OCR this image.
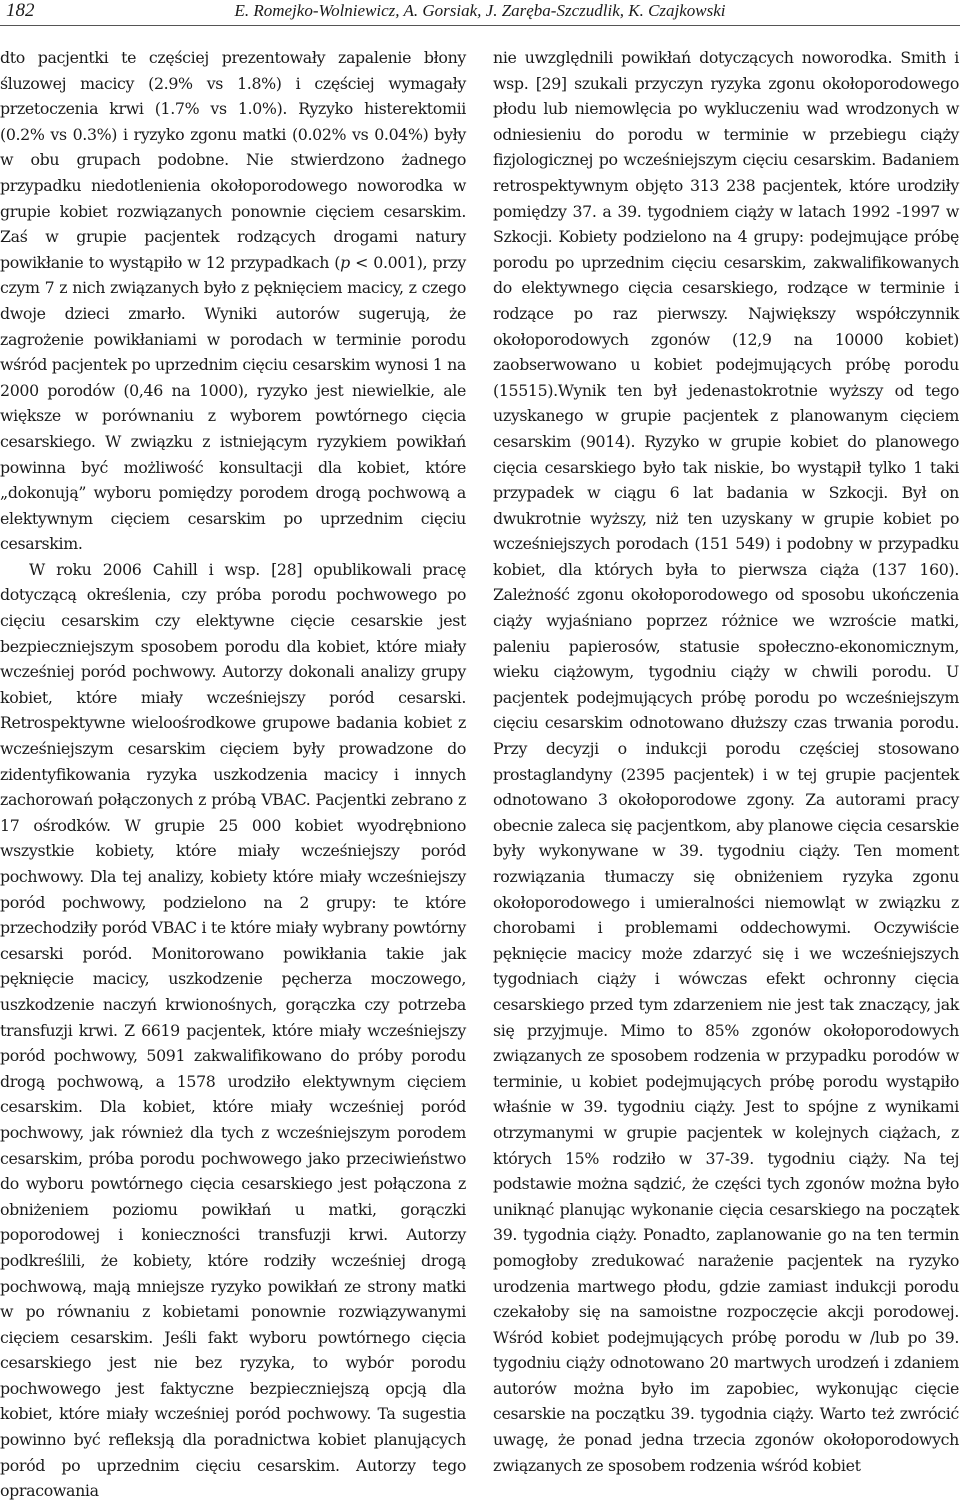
182	E. Romejko-Wolniewicz, A. Gorsiak, J. Zaręba-Szczudlik, K. Czajkowski

dto pacjentki te częściej prezentowały zapalenie błony śluzowej macicy (2.9% vs 1.8%) i częściej wymagały przetoczenia krwi (1.7% vs 1.0%). Ryzyko histerektomii (0.2% vs 0.3%) i ryzyko zgonu matki (0.02% vs 0.04%) były w obu grupach podobne. Nie stwierdzono żadnego przypadku niedotlenienia okołoporodowego noworodka w grupie kobiet rozwiązanych ponownie cięciem cesarskim. Zaś w grupie pacjentek rodzących drogami natury powikłanie to wystąpiło w 12 przypadkach (p < 0.001), przy czym 7 z nich związanych było z pęknięciem macicy, z czego dwoje dzieci zmarło. Wyniki autorów sugerują, że zagrożenie powikłaniami w porodach w terminie porodu wśród pacjentek po uprzednim cięciu cesarskim wynosi 1 na 2000 porodów (0,46 na 1000), ryzyko jest niewielkie, ale większe w porównaniu z wyborem powtórnego cięcia cesarskiego. W związku z istniejącym ryzykiem powikłań powinna być możliwość konsultacji dla kobiet, które „dokonują” wyboru pomiędzy porodem drogą pochwową a elektywnym cięciem cesarskim po uprzednim cięciu cesarskim.

W roku 2006 Cahill i wsp. [28] opublikowali pracę dotyczącą określenia, czy próba porodu pochwowego po cięciu cesarskim czy elektywne cięcie cesarskie jest bezpieczniejszym sposobem porodu dla kobiet, które miały wcześniej poród pochwowy. Autorzy dokonali analizy grupy kobiet, które miały wcześniejszy poród cesarski. Retrospektywne wieloośrodkowe grupowe badania kobiet z wcześniejszym cesarskim cięciem były prowadzone do zidentyfikowania ryzyka uszkodzenia macicy i innych zachorowań połączonych z próbą VBAC. Pacjentki zebrano z 17 ośrodków. W grupie 25 000 kobiet wyodrębniono wszystkie kobiety, które miały wcześniejszy poród pochwowy. Dla tej analizy, kobiety które miały wcześniejszy poród pochwowy, podzielono na 2 grupy: te które przechodziły poród VBAC i te które miały wybrany powtórny cesarski poród. Monitorowano powikłania takie jak pęknięcie macicy, uszkodzenie pęcherza moczowego, uszkodzenie naczyń krwionośnych, gorączka czy potrzeba transfuzji krwi. Z 6619 pacjentek, które miały wcześniejszy poród pochwowy, 5091 zakwalifikowano do próby porodu drogą pochwową, a 1578 urodziło elektywnym cięciem cesarskim. Dla kobiet, które miały wcześniej poród pochwowy, jak również dla tych z wcześniejszym porodem cesarskim, próba porodu pochwowego jako przeciwieństwo do wyboru powtórnego cięcia cesarskiego jest połączona z obniżeniem poziomu powikłań u matki, gorączki poporodowej i konieczności transfuzji krwi. Autorzy podkreślili, że kobiety, które rodziły wcześniej drogą pochwową, mają mniejsze ryzyko powikłań ze strony matki w po równaniu z kobietami ponownie rozwiązywanymi cięciem cesarskim. Jeśli fakt wyboru powtórnego cięcia cesarskiego jest nie bez ryzyka, to wybór porodu pochwowego jest faktyczne bezpieczniejszą opcją dla kobiet, które miały wcześniej poród pochwowy. Ta sugestia powinno być refleksją dla poradnictwa kobiet planujących poród po uprzednim cięciu cesarskim. Autorzy tego opracowania

nie uwzględnili powikłań dotyczących noworodka. Smith i wsp. [29] szukali przyczyn ryzyka zgonu okołoporodowego płodu lub niemowlęcia po wykluczeniu wad wrodzonych w odniesieniu do porodu w terminie w przebiegu ciąży fizjologicznej po wcześniejszym cięciu cesarskim. Badaniem retrospektywnym objęto 313 238 pacjentek, które urodziły pomiędzy 37. a 39. tygodniem ciąży w latach 1992 -1997 w Szkocji. Kobiety podzielono na 4 grupy: podejmujące próbę porodu po uprzednim cięciu cesarskim, zakwalifikowanych do elektywnego cięcia cesarskiego, rodzące w terminie i rodzące po raz pierwszy. Największy współczynnik okołoporodowych zgonów (12,9 na 10000 kobiet) zaobserwowano u kobiet podejmujących próbę porodu (15515).Wynik ten był jedenastokrotnie wyższy od tego uzyskanego w grupie pacjentek z planowanym cięciem cesarskim (9014). Ryzyko w grupie kobiet do planowego cięcia cesarskiego było tak niskie, bo wystąpił tylko 1 taki przypadek w ciągu 6 lat badania w Szkocji. Był on dwukrotnie wyższy, niż ten uzyskany w grupie kobiet po wcześniejszych porodach (151 549) i podobny w przypadku kobiet, dla których była to pierwsza ciąża (137 160). Zależność zgonu okołoporodowego od sposobu ukończenia ciąży wyjaśniano poprzez różnice we wzroście matki, paleniu papierosów, statusie społeczno-ekonomicznym, wieku ciążowym, tygodniu ciąży w chwili porodu. U pacjentek podejmujących próbę porodu po wcześniejszym cięciu cesarskim odnotowano dłuższy czas trwania porodu. Przy decyzji o indukcji porodu częściej stosowano prostaglandyny (2395 pacjentek) i w tej grupie pacjentek odnotowano 3 okołoporodowe zgony. Za autorami pracy obecnie zaleca się pacjentkom, aby planowe cięcia cesarskie były wykonywane w 39. tygodniu ciąży. Ten moment rozwiązania tłumaczy się obniżeniem ryzyka zgonu okołoporodowego i umieralności niemowląt w związku z chorobami i problemami oddechowymi. Oczywiście pęknięcie macicy może zdarzyć się i we wcześniejszych tygodniach ciąży i wówczas efekt ochronny cięcia cesarskiego przed tym zdarzeniem nie jest tak znaczący, jak się przyjmuje. Mimo to 85% zgonów okołoporodowych związanych ze sposobem rodzenia w przypadku porodów w terminie, u kobiet podejmujących próbę porodu wystąpiło właśnie w 39. tygodniu ciąży. Jest to spójne z wynikami otrzymanymi w grupie pacjentek w kolejnych ciążach, z których 15% rodziło w 37-39. tygodniu ciąży. Na tej podstawie można sądzić, że części tych zgonów można było uniknąć planując wykonanie cięcia cesarskiego na początek 39. tygodnia ciąży. Ponadto, zaplanowanie go na ten termin pomogłoby zredukować narażenie pacjentek na ryzyko urodzenia martwego płodu, gdzie zamiast indukcji porodu czekałoby się na samoistne rozpoczęcie akcji porodowej. Wśród kobiet podejmujących próbę porodu w /lub po 39. tygodniu ciąży odnotowano 20 martwych urodzeń i zdaniem autorów można było im zapobiec, wykonując cięcie cesarskie na początku 39. tygodnia ciąży. Warto też zwrócić uwagę, że ponad jedna trzecia zgonów okołoporodowych związanych ze sposobem rodzenia wśród kobiet
